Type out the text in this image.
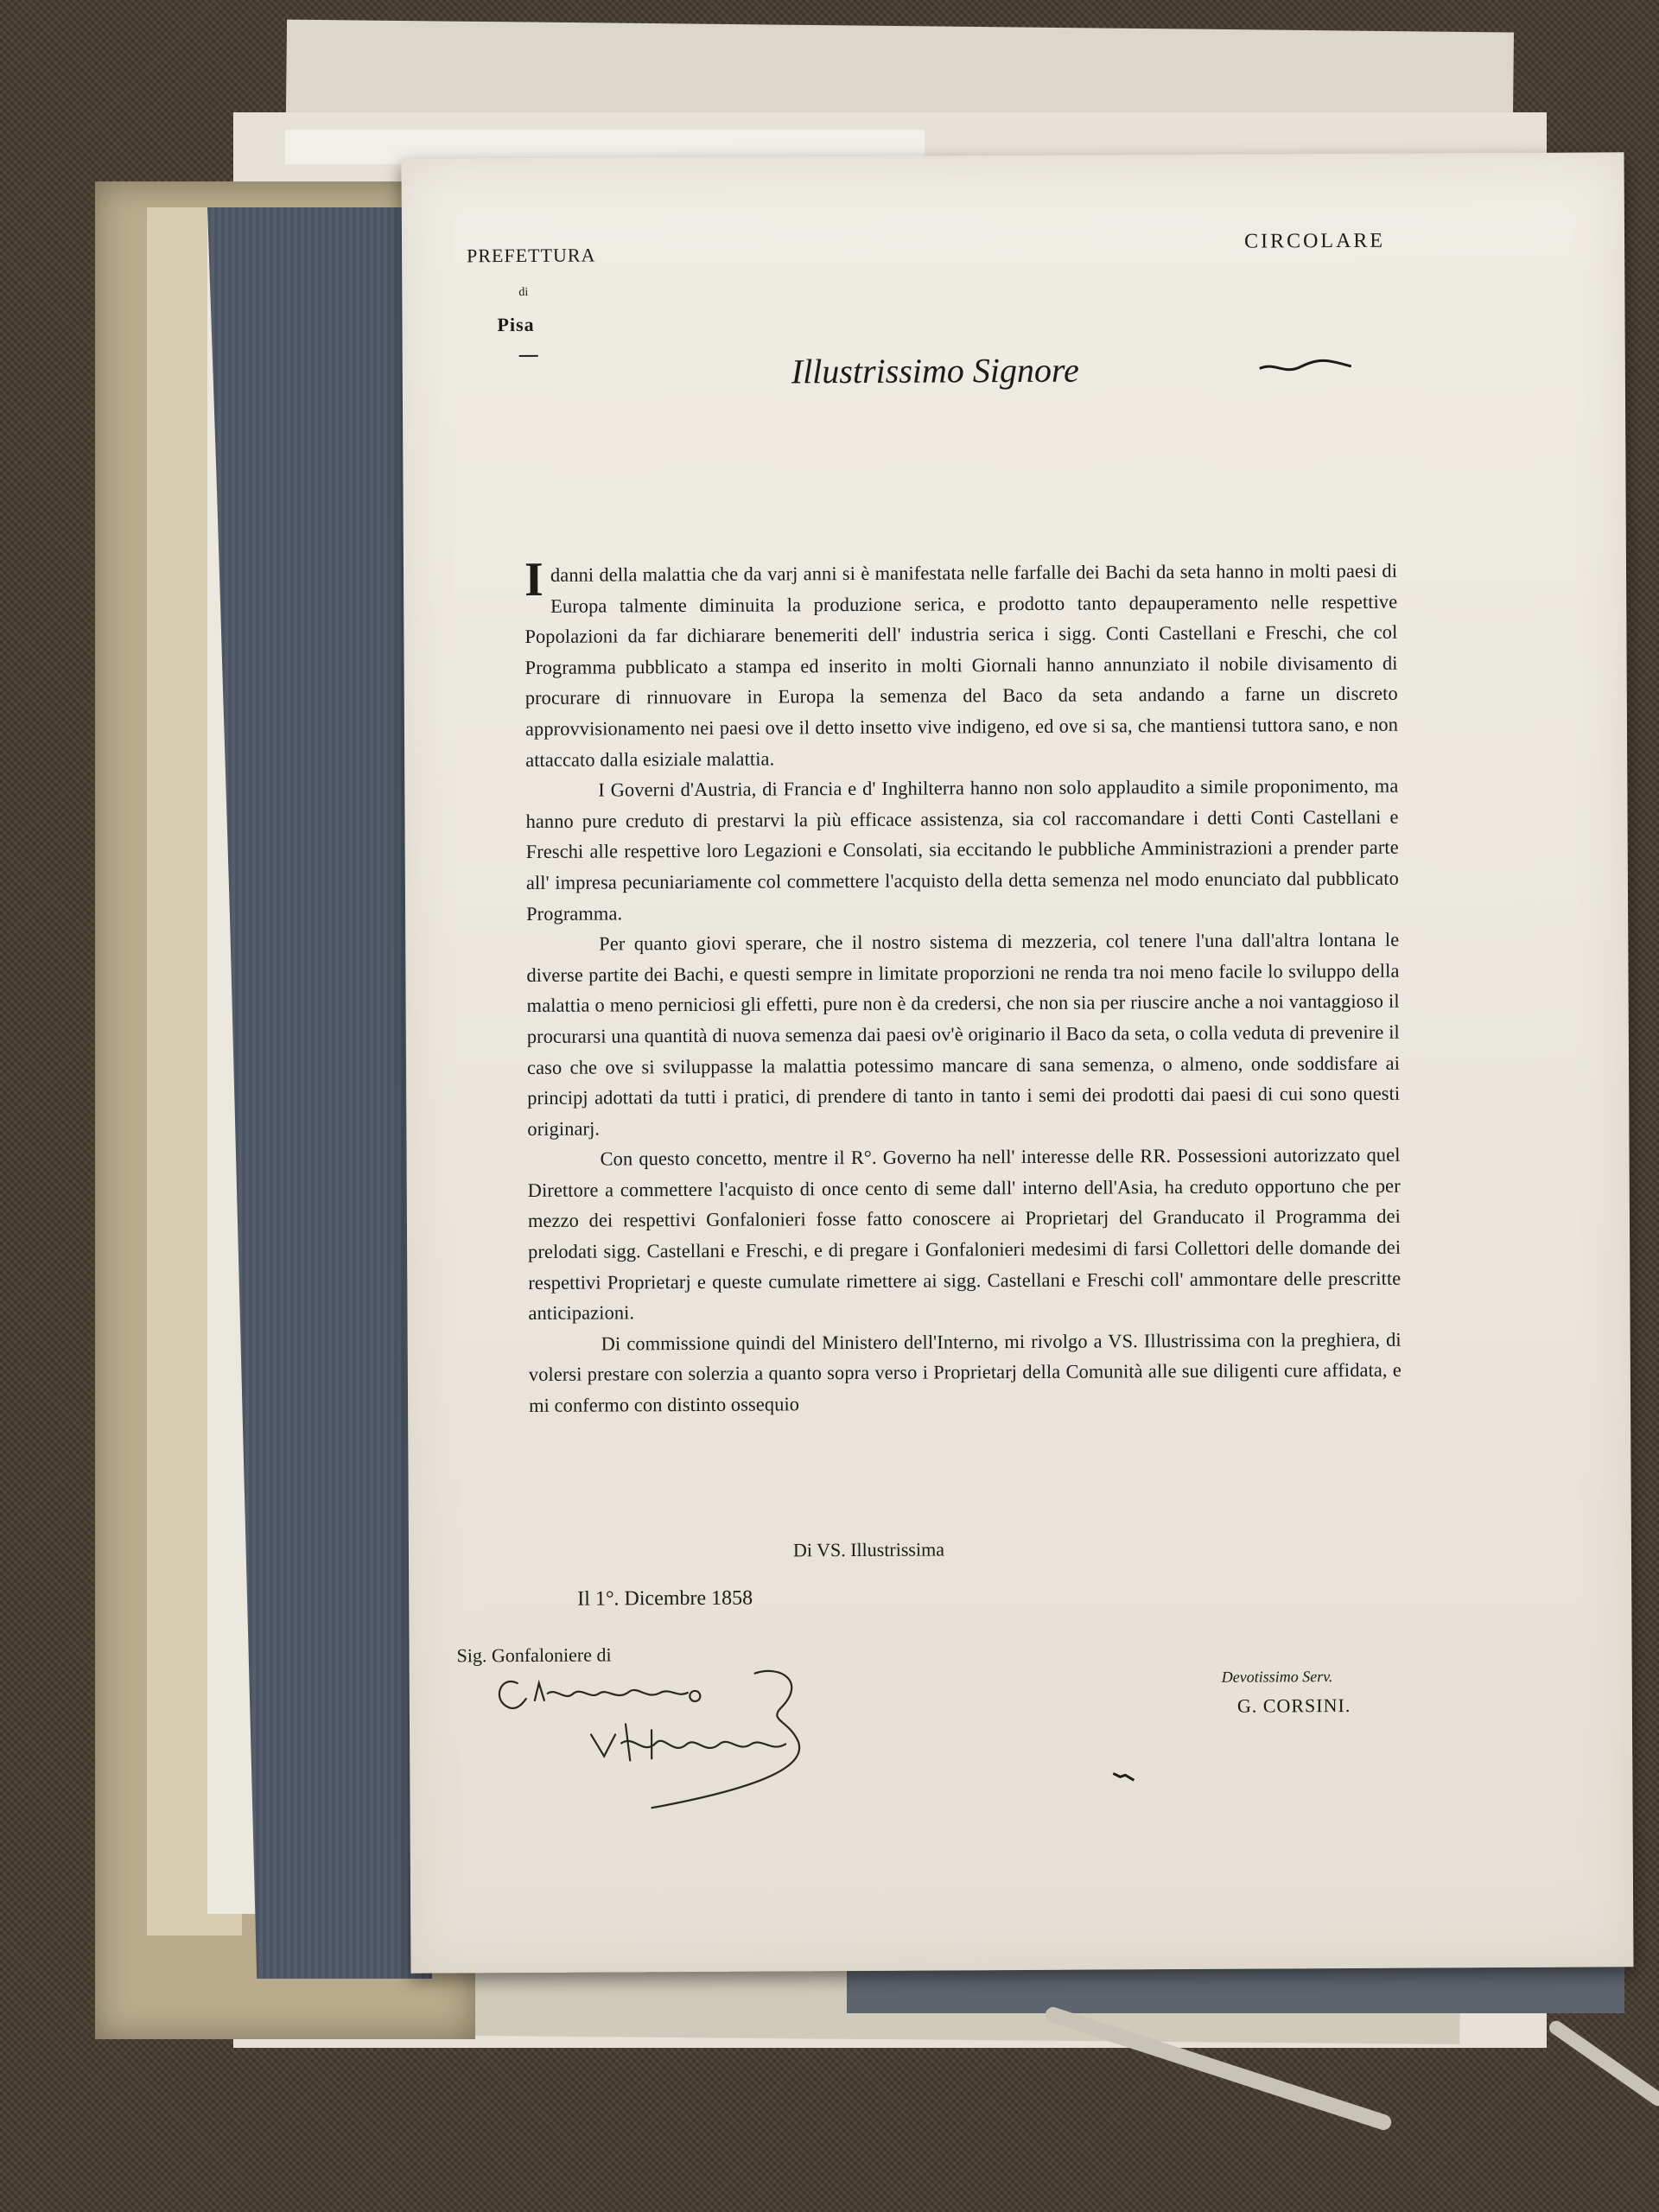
PREFETTURA
di
Pisa
CIRCOLARE
Illustrissimo Signore

I danni della malattia che da varj anni si è manifestata nelle farfalle dei Bachi da seta hanno in molti paesi di Europa talmente diminuita la produzione serica, e prodotto tanto depauperamento nelle respettive Popolazioni da far dichiarare benemeriti dell' industria serica i sigg. Conti Castellani e Freschi, che col Programma pubblicato a stampa ed inserito in molti Giornali hanno annunziato il nobile divisamento di procurare di rinnuovare in Europa la semenza del Baco da seta andando a farne un discreto approvvisionamento nei paesi ove il detto insetto vive indigeno, ed ove si sa, che mantiensi tuttora sano, e non attaccato dalla esiziale malattia.

I Governi d'Austria, di Francia e d' Inghilterra hanno non solo applaudito a simile proponimento, ma hanno pure creduto di prestarvi la più efficace assistenza, sia col raccomandare i detti Conti Castellani e Freschi alle respettive loro Legazioni e Consolati, sia eccitando le pubbliche Amministrazioni a prender parte all' impresa pecuniariamente col commettere l'acquisto della detta semenza nel modo enunciato dal pubblicato Programma.

Per quanto giovi sperare, che il nostro sistema di mezzeria, col tenere l'una dall'altra lontana le diverse partite dei Bachi, e questi sempre in limitate proporzioni ne renda tra noi meno facile lo sviluppo della malattia o meno perniciosi gli effetti, pure non è da credersi, che non sia per riuscire anche a noi vantaggioso il procurarsi una quantità di nuova semenza dai paesi ov'è originario il Baco da seta, o colla veduta di prevenire il caso che ove si sviluppasse la malattia potessimo mancare di sana semenza, o almeno, onde soddisfare ai principj adottati da tutti i pratici, di prendere di tanto in tanto i semi dei prodotti dai paesi di cui sono questi originarj.

Con questo concetto, mentre il R°. Governo ha nell' interesse delle RR. Possessioni autorizzato quel Direttore a commettere l'acquisto di once cento di seme dall' interno dell'Asia, ha creduto opportuno che per mezzo dei respettivi Gonfalonieri fosse fatto conoscere ai Proprietarj del Granducato il Programma dei prelodati sigg. Castellani e Freschi, e di pregare i Gonfalonieri medesimi di farsi Collettori delle domande dei respettivi Proprietarj e queste cumulate rimettere ai sigg. Castellani e Freschi coll' ammontare delle prescritte anticipazioni.

Di commissione quindi del Ministero dell'Interno, mi rivolgo a VS. Illustrissima con la preghiera, di volersi prestare con solerzia a quanto sopra verso i Proprietarj della Comunità alle sue diligenti cure affidata, e mi confermo con distinto ossequio

Di VS. Illustrissima
Il 1°. Dicembre 1858
Sig. Gonfaloniere di
Devotissimo Serv.
G. CORSINI.
